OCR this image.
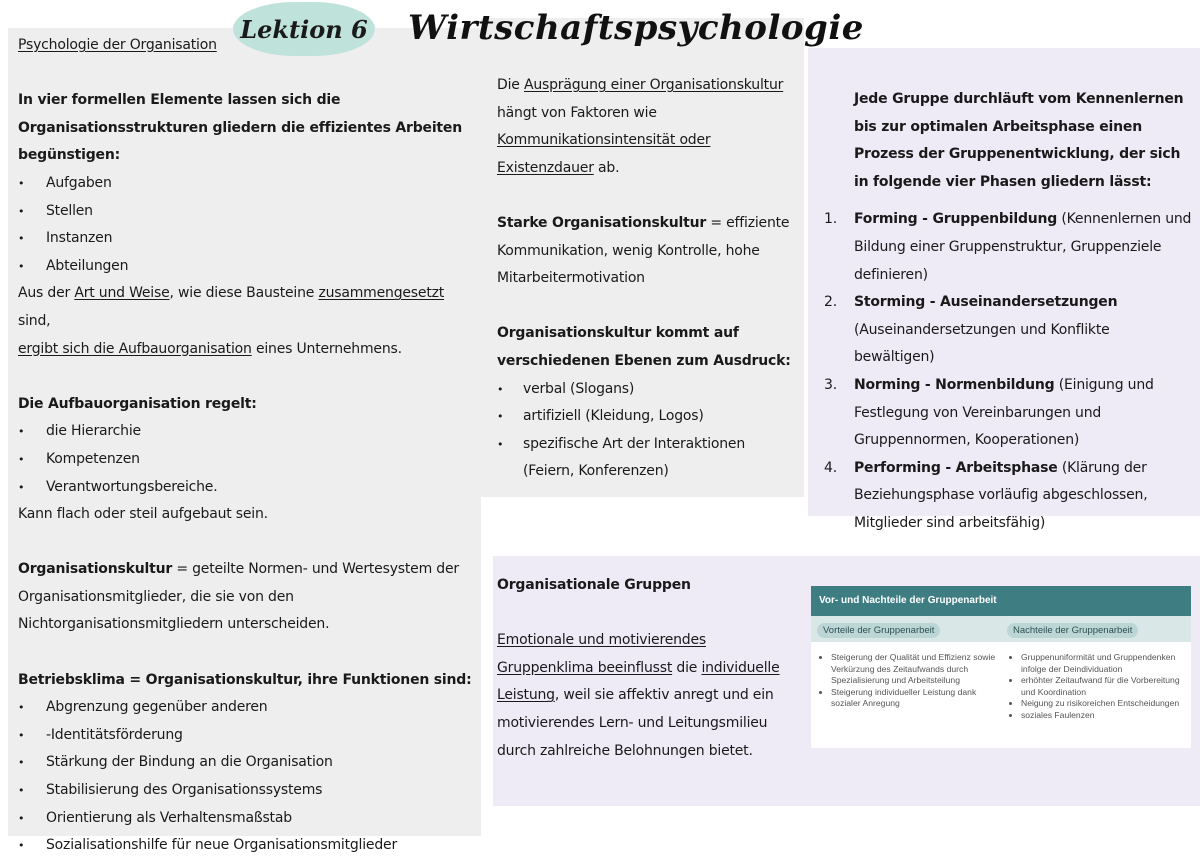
Lektion 6 Wirtschaftspsychologie

Psychologie der Organisation

In vier formellen Elemente lassen sich die Organisationsstrukturen gliedern die effizientes Arbeiten begünstigen:

• Aufgaben
• Stellen
• Instanzen
• Abteilungen

Aus der Art und Weise, wie diese Bausteine zusammengesetzt sind,
ergibt sich die Aufbauorganisation eines Unternehmens.

Die Aufbauorganisation regelt:

• die Hierarchie
• Kompetenzen
• Verantwortungsbereiche.

Kann flach oder steil aufgebaut sein.

Organisationskultur = geteilte Normen- und Wertesystem der Organisationsmitglieder, die sie von den Nichtorganisationsmitgliedern unterscheiden.

Betriebsklima = Organisationskultur, ihre Funktionen sind:

• Abgrenzung gegenüber anderen
• -Identitätsförderung
• Stärkung der Bindung an die Organisation
• Stabilisierung des Organisationssystems
• Orientierung als Verhaltensmaßstab
• Sozialisationshilfe für neue Organisationsmitglieder

Die Ausprägung einer Organisationskultur hängt von Faktoren wie Kommunikationsintensität oder Existenzdauer ab.

Starke Organisationskultur = effiziente Kommunikation, wenig Kontrolle, hohe Mitarbeitermotivation

Organisationskultur kommt auf verschiedenen Ebenen zum Ausdruck:

• verbal (Slogans)
• artifiziell (Kleidung, Logos)
• spezifische Art der Interaktionen (Feiern, Konferenzen)

Jede Gruppe durchläuft vom Kennenlernen bis zur optimalen Arbeitsphase einen Prozess der Gruppenentwicklung, der sich in folgende vier Phasen gliedern lässt:

1. Forming - Gruppenbildung (Kennenlernen und Bildung einer Gruppenstruktur, Gruppenziele definieren)
2. Storming - Auseinandersetzungen (Auseinandersetzungen und Konflikte bewältigen)
3. Norming - Normenbildung (Einigung und Festlegung von Vereinbarungen und Gruppennormen, Kooperationen)
4. Performing - Arbeitsphase (Klärung der Beziehungsphase vorläufig abgeschlossen, Mitglieder sind arbeitsfähig)

Organisationale Gruppen

Emotionale und motivierendes Gruppenklima beeinflusst die individuelle Leistung, weil sie affektiv anregt und ein motivierendes Lern- und Leitungsmilieu durch zahlreiche Belohnungen bietet.

Vor- und Nachteile der Gruppenarbeit
Vorteile der Gruppenarbeit	Nachteile der Gruppenarbeit
• Steigerung der Qualität und Effizienz sowie Verkürzung des Zeitaufwands durch Spezialisierung und Arbeitsteilung
• Steigerung individueller Leistung dank sozialer Anregung
• Gruppenuniformität und Gruppendenken infolge der Deindividuation
• erhöhter Zeitaufwand für die Vorbereitung und Koordination
• Neigung zu risikoreichen Entscheidungen
• soziales Faulenzen
